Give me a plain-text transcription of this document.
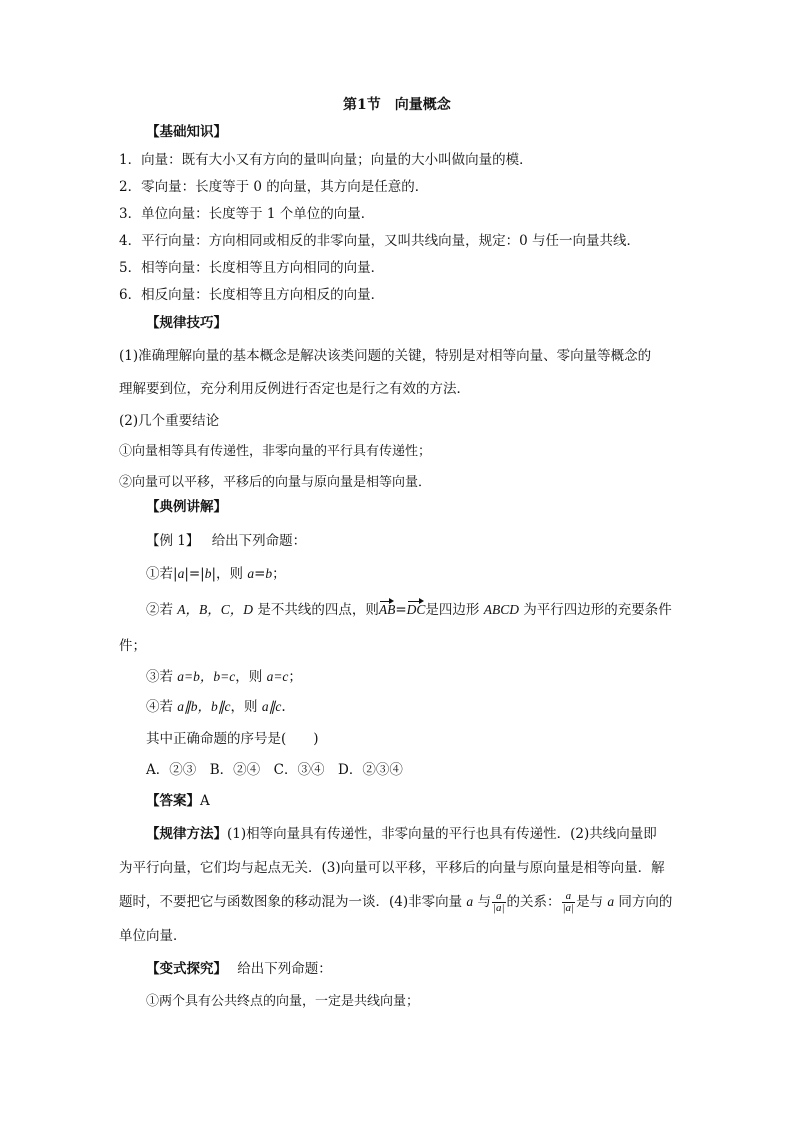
第1节　向量概念
【基础知识】
1．向量：既有大小又有方向的量叫向量；向量的大小叫做向量的模．
2．零向量：长度等于 0 的向量，其方向是任意的．
3．单位向量：长度等于 1 个单位的向量．
4．平行向量：方向相同或相反的非零向量，又叫共线向量，规定：0 与任一向量共线．
5．相等向量：长度相等且方向相同的向量．
6．相反向量：长度相等且方向相反的向量．
【规律技巧】
(1)准确理解向量的基本概念是解决该类问题的关键，特别是对相等向量、零向量等概念的
理解要到位，充分利用反例进行否定也是行之有效的方法．
(2)几个重要结论
①向量相等具有传递性，非零向量的平行具有传递性；
②向量可以平移，平移后的向量与原向量是相等向量．
【典例讲解】
【例 1】 给出下列命题：
①若|a|=|b|，则 a=b；
②若 A，B，C，D 是不共线的四点，则AB=DC是四边形 ABCD 为平行四边形的充要条件
件；
③若 a=b，b=c，则 a=c；
④若 a∥b，b∥c，则 a∥c.
其中正确命题的序号是(　　)
A．②③　B．②④　C．③④　D．②③④
【答案】A
【规律方法】(1)相等向量具有传递性，非零向量的平行也具有传递性．(2)共线向量即
为平行向量，它们均与起点无关．(3)向量可以平移，平移后的向量与原向量是相等向量．解
题时，不要把它与函数图象的移动混为一谈．(4)非零向量 a 与 $\frac{a}{|a|}$ 的关系： $\frac{a}{|a|}$ 是与 a 同方向的
单位向量．
【变式探究】 给出下列命题：
①两个具有公共终点的向量，一定是共线向量；
